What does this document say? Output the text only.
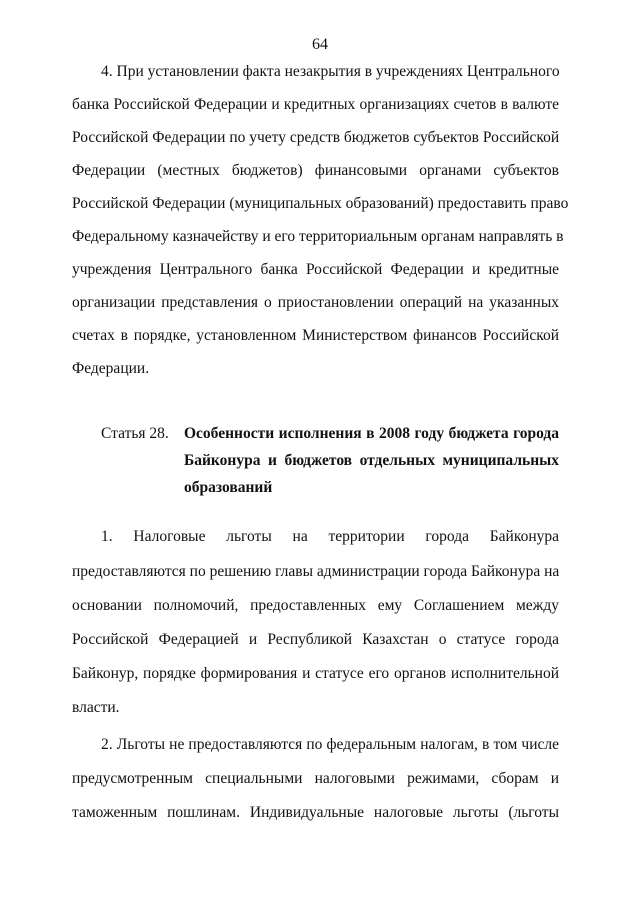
64
4. При установлении факта незакрытия в учреждениях Центрального
банка Российской Федерации и кредитных организациях счетов в валюте
Российской Федерации по учету средств бюджетов субъектов Российской
Федерации (местных бюджетов) финансовыми органами субъектов
Российской Федерации (муниципальных образований) предоставить право
Федеральному казначейству и его территориальным органам направлять в
учреждения Центрального банка Российской Федерации и кредитные
организации представления о приостановлении операций на указанных
счетах в порядке, установленном Министерством финансов Российской
Федерации.
Статья 28. Особенности исполнения в 2008 году бюджета города
Байконура и бюджетов отдельных муниципальных
образований
1. Налоговые льготы на территории города Байконура
предоставляются по решению главы администрации города Байконура на
основании полномочий, предоставленных ему Соглашением между
Российской Федерацией и Республикой Казахстан о статусе города
Байконур, порядке формирования и статусе его органов исполнительной
власти.
2. Льготы не предоставляются по федеральным налогам, в том числе
предусмотренным специальными налоговыми режимами, сборам и
таможенным пошлинам. Индивидуальные налоговые льготы (льготы
